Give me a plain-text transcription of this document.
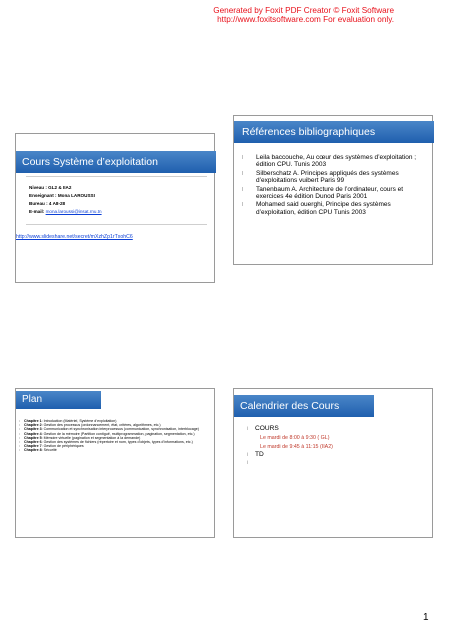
Generated by Foxit PDF Creator © Foxit Software
http://www.foxitsoftware.com For evaluation only.
Cours Système d’exploitation
Niveau : GL2 & IIA2
Enseignant : Mona LAROUSSI
Bureau : 4 A8-28
E-mail: mona.laroussi@insat.rnu.tn
http://www.slideshare.net/secret/mXzhZp1rTxohC6
Références bibliographiques
l	Leila baccouche, Au cœur des systèmes d’exploitation ; édition CPU. Tunis 2003
l	Silberschatz A. Principes appliqués des systèmes d’exploitations vuibert Paris 99
l	Tanenbaum A. Architecture de l’ordinateur, cours et exercices 4e édition Dunod Paris 2001
l	Mohamed said ouerghi, Principe des systèmes d’exploitation, édition CPU Tunis 2003
Plan
l	Chapitre 1: Introduction (Matériel, Système d’exploitation)
l	Chapitre 2: Gestion des processus (ordonnancement, état, critères, algorithmes, etc.)
l	Chapitre 3: Communication et synchronisation interprocessus (communication, synchronisation, interblocage)
l	Chapitre 4: Gestion de la mémoire (Partition contiguë, multiprogrammation, pagination, segmentation, etc.)
l	Chapitre 5: Mémoire virtuelle (pagination et segmentation à la demande)
l	Chapitre 6: Gestion des systèmes de fichiers (répertoire et nom, types d’objets, types d’informations, etc.)
l	Chapitre 7: Gestion de périphériques
l	Chapitre 8: Sécurité
Calendrier des Cours
l	COURS
Le mardi de 8:00 à 9:30 ( GL)
Le mardi de 9:45 à 11:15 (IIA2)
l	TD
l
1
